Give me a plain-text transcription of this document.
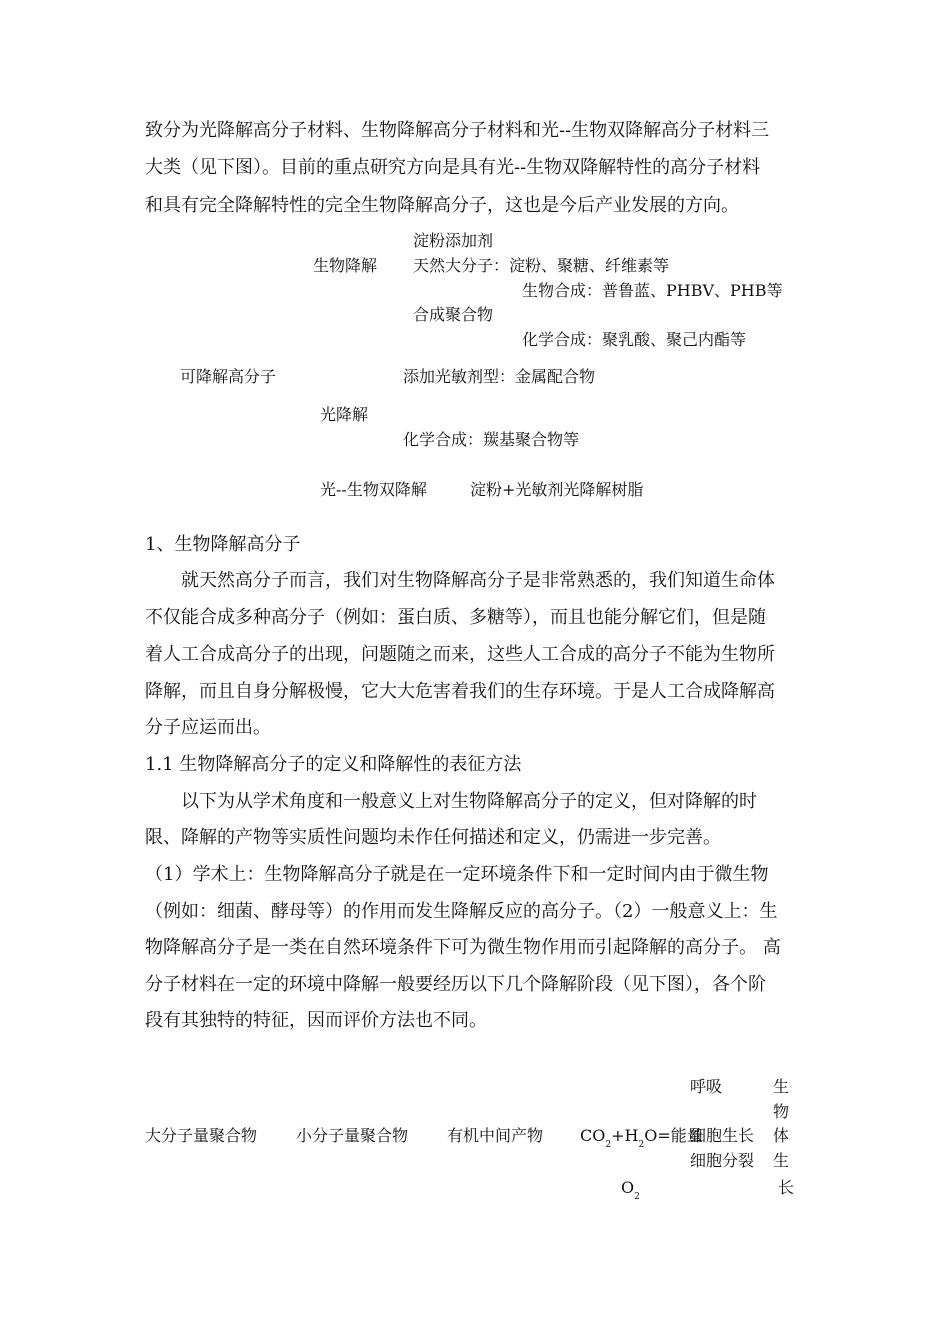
致分为光降解高分子材料、生物降解高分子材料和光--生物双降解高分子材料三
大类（见下图）。目前的重点研究方向是具有光--生物双降解特性的高分子材料
和具有完全降解特性的完全生物降解高分子，这也是今后产业发展的方向。
淀粉添加剂
生物降解 天然大分子：淀粉、聚糖、纤维素等
生物合成：普鲁蓝、PHBV、PHB等
合成聚合物
化学合成：聚乳酸、聚己内酯等
可降解高分子	添加光敏剂型：金属配合物
光降解
化学合成：羰基聚合物等
光--生物双降解	淀粉+光敏剂光降解树脂
1、生物降解高分子
　　就天然高分子而言，我们对生物降解高分子是非常熟悉的，我们知道生命体
不仅能合成多种高分子（例如：蛋白质、多糖等），而且也能分解它们，但是随
着人工合成高分子的出现，问题随之而来，这些人工合成的高分子不能为生物所
降解，而且自身分解极慢，它大大危害着我们的生存环境。于是人工合成降解高
分子应运而出。
1.1 生物降解高分子的定义和降解性的表征方法
　　以下为从学术角度和一般意义上对生物降解高分子的定义，但对降解的时
限、降解的产物等实质性问题均未作任何描述和定义，仍需进一步完善。
（1）学术上：生物降解高分子就是在一定环境条件下和一定时间内由于微生物
（例如：细菌、酵母等）的作用而发生降解反应的高分子。（2）一般意义上：生
物降解高分子是一类在自然环境条件下可为微生物作用而引起降解的高分子。 高
分子材料在一定的环境中降解一般要经历以下几个降解阶段（见下图），各个阶
段有其独特的特征，因而评价方法也不同。
大分子量聚合物 小分子量聚合物 有机中间产物 $CO_2+H_2O=$能量
$O_2$
呼吸
细胞生长
细胞分裂
生
物
体
生
长
